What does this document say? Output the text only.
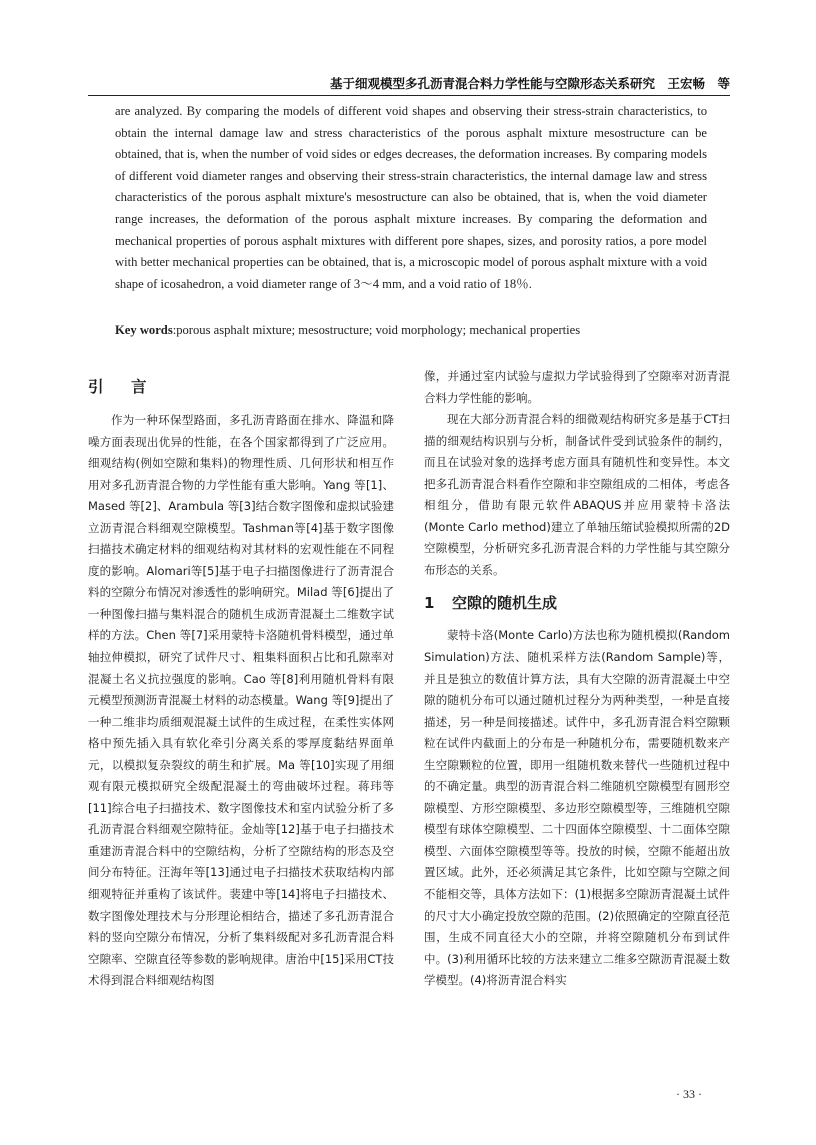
基于细观模型多孔沥青混合料力学性能与空隙形态关系研究　王宏畅　等

are analyzed. By comparing the models of different void shapes and observing their stress-strain characteristics, to obtain the internal damage law and stress characteristics of the porous asphalt mixture mesostructure can be obtained, that is, when the number of void sides or edges decreases, the deformation increases. By comparing models of different void diameter ranges and observing their stress-strain characteristics, the internal damage law and stress characteristics of the porous asphalt mixture's mesostructure can also be obtained, that is, when the void diameter range increases, the deformation of the porous asphalt mixture increases. By comparing the deformation and mechanical properties of porous asphalt mixtures with different pore shapes, sizes, and porosity ratios, a pore model with better mechanical properties can be obtained, that is, a microscopic model of porous asphalt mixture with a void shape of icosahedron, a void diameter range of 3～4 mm, and a void ratio of 18％.

Key words:porous asphalt mixture; mesostructure; void morphology; mechanical properties
引　言

作为一种环保型路面，多孔沥青路面在排水、降温和降噪方面表现出优异的性能，在各个国家都得到了广泛应用。细观结构(例如空隙和集料)的物理性质、几何形状和相互作用对多孔沥青混合物的力学性能有重大影响。Yang 等[1]、Mased 等[2]、Arambula 等[3]结合数字图像和虚拟试验建立沥青混合料细观空隙模型。Tashman等[4]基于数字图像扫描技术确定材料的细观结构对其材料的宏观性能在不同程度的影响。Alomari等[5]基于电子扫描图像进行了沥青混合料的空隙分布情况对渗透性的影响研究。Milad 等[6]提出了一种图像扫描与集料混合的随机生成沥青混凝土二维数字试样的方法。Chen 等[7]采用蒙特卡洛随机骨料模型，通过单轴拉伸模拟，研究了试件尺寸、粗集料面积占比和孔隙率对混凝土名义抗拉强度的影响。Cao 等[8]利用随机骨料有限元模型预测沥青混凝土材料的动态模量。Wang 等[9]提出了一种二维非均质细观混凝土试件的生成过程，在柔性实体网格中预先插入具有软化牵引分离关系的零厚度黏结界面单元，以模拟复杂裂纹的萌生和扩展。Ma 等[10]实现了用细观有限元模拟研究全级配混凝土的弯曲破坏过程。蒋玮等[11]综合电子扫描技术、数字图像技术和室内试验分析了多孔沥青混合料细观空隙特征。金灿等[12]基于电子扫描技术重建沥青混合料中的空隙结构，分析了空隙结构的形态及空间分布特征。汪海年等[13]通过电子扫描技术获取结构内部细观特征并重构了该试件。裴建中等[14]将电子扫描技术、数字图像处理技术与分形理论相结合，描述了多孔沥青混合料的竖向空隙分布情况，分析了集料级配对多孔沥青混合料空隙率、空隙直径等参数的影响规律。唐治中[15]采用CT技术得到混合料细观结构图

像，并通过室内试验与虚拟力学试验得到了空隙率对沥青混合料力学性能的影响。

现在大部分沥青混合料的细微观结构研究多是基于CT扫描的细观结构识别与分析，制备试件受到试验条件的制约，而且在试验对象的选择考虑方面具有随机性和变异性。本文把多孔沥青混合料看作空隙和非空隙组成的二相体，考虑各相组分，借助有限元软件ABAQUS并应用蒙特卡洛法(Monte Carlo method)建立了单轴压缩试验模拟所需的2D空隙模型，分析研究多孔沥青混合料的力学性能与其空隙分布形态的关系。

1 空隙的随机生成

蒙特卡洛(Monte Carlo)方法也称为随机模拟(Random Simulation)方法、随机采样方法(Random Sample)等，并且是独立的数值计算方法，具有大空隙的沥青混凝土中空隙的随机分布可以通过随机过程分为两种类型，一种是直接描述，另一种是间接描述。试件中，多孔沥青混合料空隙颗粒在试件内截面上的分布是一种随机分布，需要随机数来产生空隙颗粒的位置，即用一组随机数来替代一些随机过程中的不确定量。典型的沥青混合料二维随机空隙模型有圆形空隙模型、方形空隙模型、多边形空隙模型等，三维随机空隙模型有球体空隙模型、二十四面体空隙模型、十二面体空隙模型、六面体空隙模型等等。投放的时候，空隙不能超出放置区域。此外，还必须满足其它条件，比如空隙与空隙之间不能相交等，具体方法如下：(1)根据多空隙沥青混凝土试件的尺寸大小确定投放空隙的范围。(2)依照确定的空隙直径范围，生成不同直径大小的空隙，并将空隙随机分布到试件中。(3)利用循环比较的方法来建立二维多空隙沥青混凝土数学模型。(4)将沥青混合料实

· 33 ·
